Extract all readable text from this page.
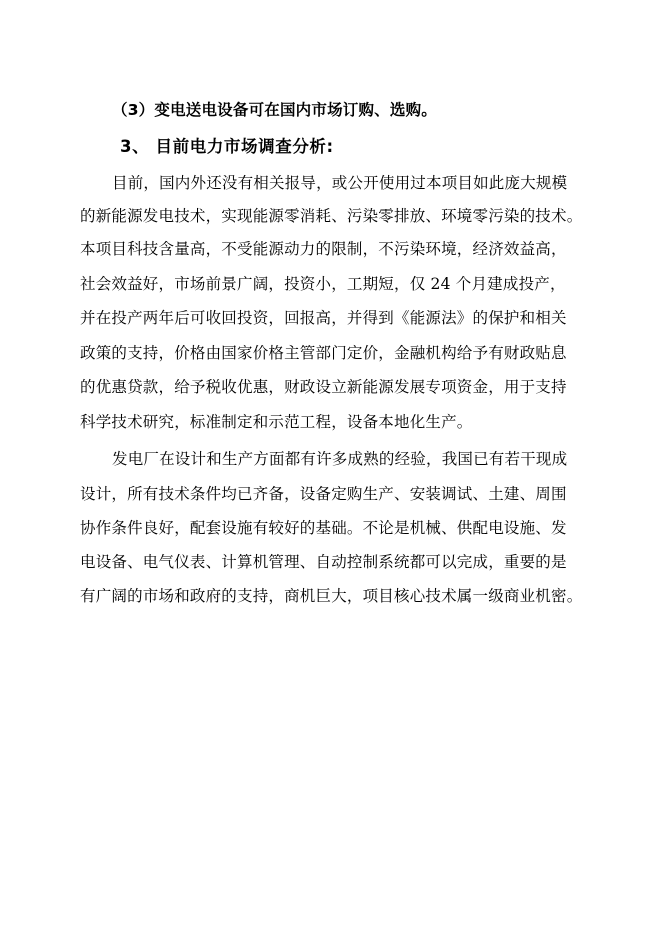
（3）变电送电设备可在国内市场订购、选购。
3、 目前电力市场调查分析:
目前，国内外还没有相关报导，或公开使用过本项目如此庞大规模
的新能源发电技术，实现能源零消耗、污染零排放、环境零污染的技术。
本项目科技含量高，不受能源动力的限制，不污染环境，经济效益高，
社会效益好，市场前景广阔，投资小，工期短，仅 24 个月建成投产，
并在投产两年后可收回投资，回报高，并得到《能源法》的保护和相关
政策的支持，价格由国家价格主管部门定价，金融机构给予有财政贴息
的优惠贷款，给予税收优惠，财政设立新能源发展专项资金，用于支持
科学技术研究，标准制定和示范工程，设备本地化生产。
发电厂在设计和生产方面都有许多成熟的经验，我国已有若干现成
设计，所有技术条件均已齐备，设备定购生产、安装调试、土建、周围
协作条件良好，配套设施有较好的基础。不论是机械、供配电设施、发
电设备、电气仪表、计算机管理、自动控制系统都可以完成，重要的是
有广阔的市场和政府的支持，商机巨大，项目核心技术属一级商业机密。
